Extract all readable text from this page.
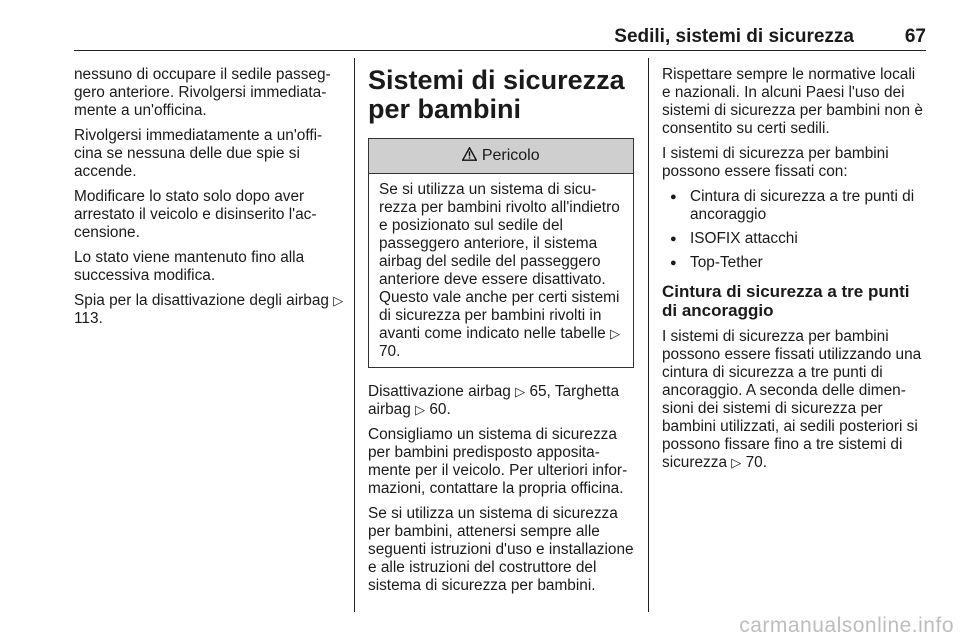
Sedili, sistemi di sicurezza	67

nessuno di occupare il sedile passeggero anteriore. Rivolgersi immediatamente a un'officina.

Rivolgersi immediatamente a un'officina se nessuna delle due spie si accende.

Modificare lo stato solo dopo aver arrestato il veicolo e disinserito l'accensione.

Lo stato viene mantenuto fino alla successiva modifica.

Spia per la disattivazione degli airbag ▷ 113.

Sistemi di sicurezza per bambini
Pericolo
Se si utilizza un sistema di sicurezza per bambini rivolto all'indietro e posizionato sul sedile del passeggero anteriore, il sistema airbag del sedile del passeggero anteriore deve essere disattivato. Questo vale anche per certi sistemi di sicurezza per bambini rivolti in avanti come indicato nelle tabelle ▷ 70.

Disattivazione airbag ▷ 65, Targhetta airbag ▷ 60.

Consigliamo un sistema di sicurezza per bambini predisposto appositamente per il veicolo. Per ulteriori informazioni, contattare la propria officina.

Se si utilizza un sistema di sicurezza per bambini, attenersi sempre alle seguenti istruzioni d'uso e installazione e alle istruzioni del costruttore del sistema di sicurezza per bambini.

Rispettare sempre le normative locali e nazionali. In alcuni Paesi l'uso dei sistemi di sicurezza per bambini non è consentito su certi sedili.

I sistemi di sicurezza per bambini possono essere fissati con:

● Cintura di sicurezza a tre punti di ancoraggio
● ISOFIX attacchi
● Top-Tether
Cintura di sicurezza a tre punti di ancoraggio

I sistemi di sicurezza per bambini possono essere fissati utilizzando una cintura di sicurezza a tre punti di ancoraggio. A seconda delle dimensioni dei sistemi di sicurezza per bambini utilizzati, ai sedili posteriori si possono fissare fino a tre sistemi di sicurezza ▷ 70.

carmanualsonline.info
